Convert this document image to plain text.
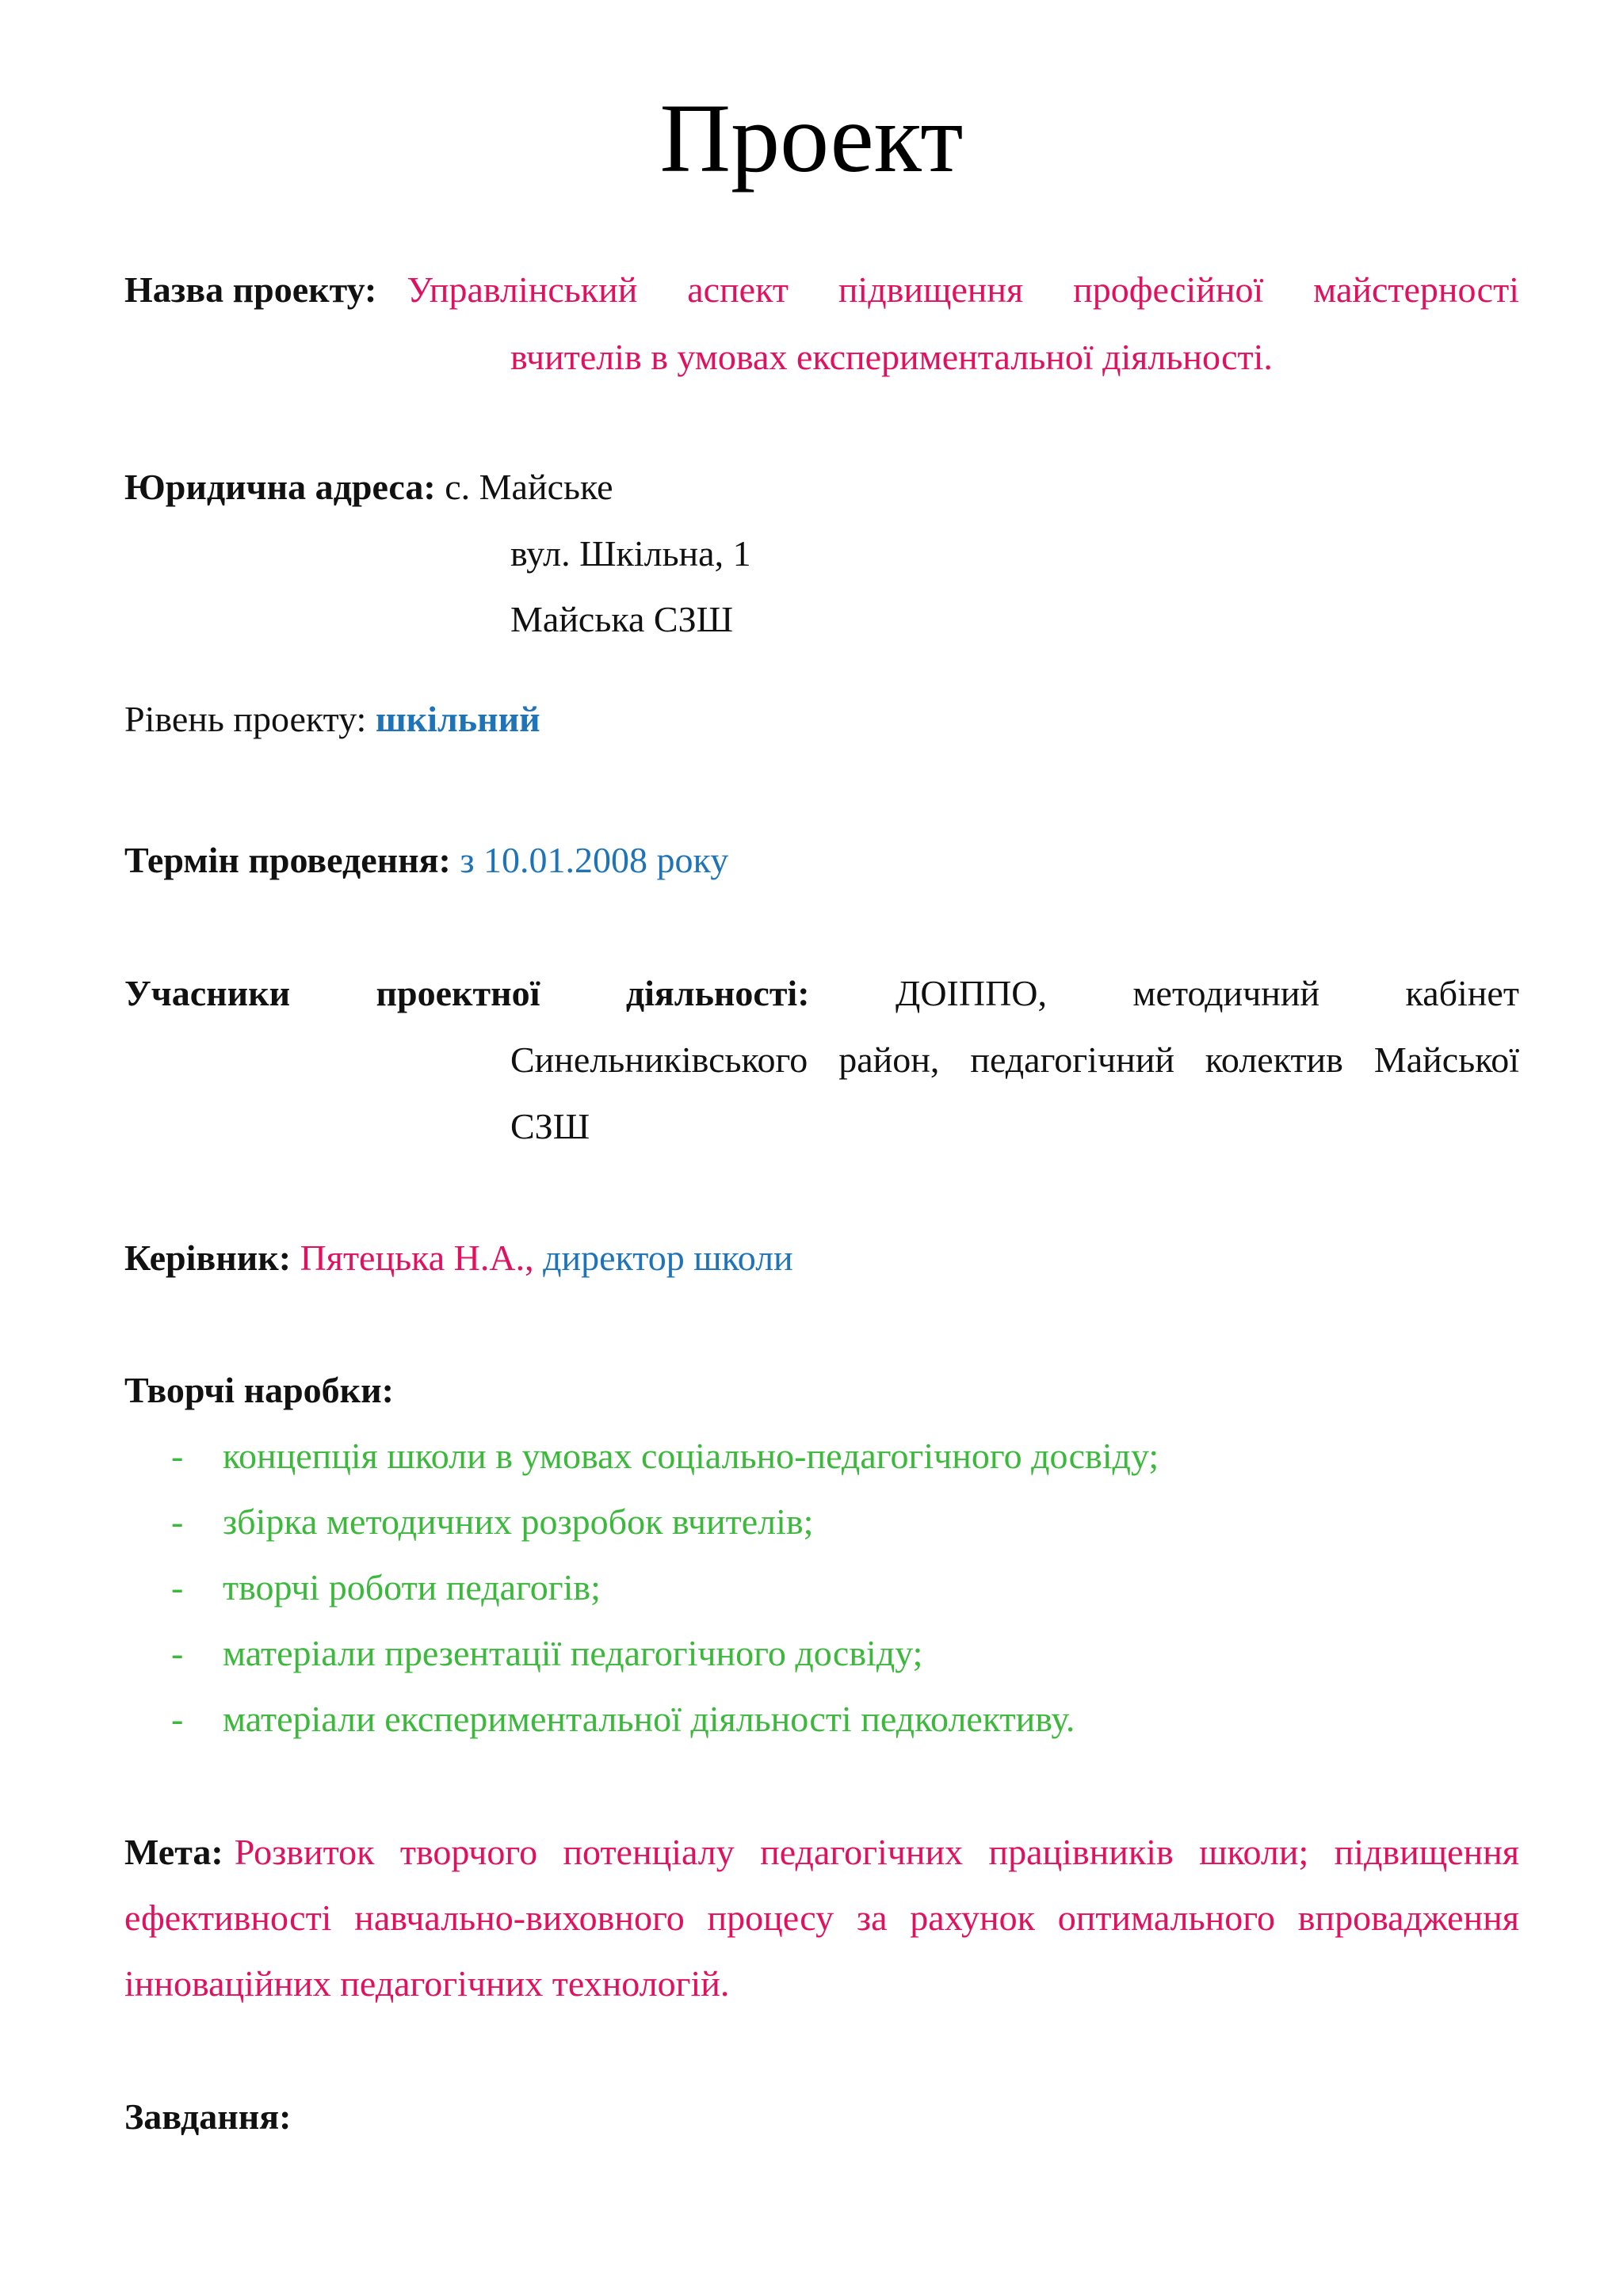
Проект
Назва проекту: Управлінський аспект підвищення професійної майстерності
вчителів в умовах експериментальної діяльності.
Юридична адреса: с. Майське
вул. Шкільна, 1
Майська СЗШ
Рівень проекту: шкільний
Термін проведення: з 10.01.2008 року
Учасники проектної діяльності: ДОІППО, методичний кабінет
Синельниківського район, педагогічний колектив Майської
СЗШ
Керівник: Пятецька Н.А., директор школи
Творчі наробки:
- концепція школи в умовах соціально-педагогічного досвіду;
- збірка методичних розробок вчителів;
- творчі роботи педагогів;
- матеріали презентації педагогічного досвіду;
- матеріали експериментальної діяльності педколективу.
Мета: Розвиток творчого потенціалу педагогічних працівників школи; підвищення
ефективності навчально-виховного процесу за рахунок оптимального впровадження
інноваційних педагогічних технологій.
Завдання:
